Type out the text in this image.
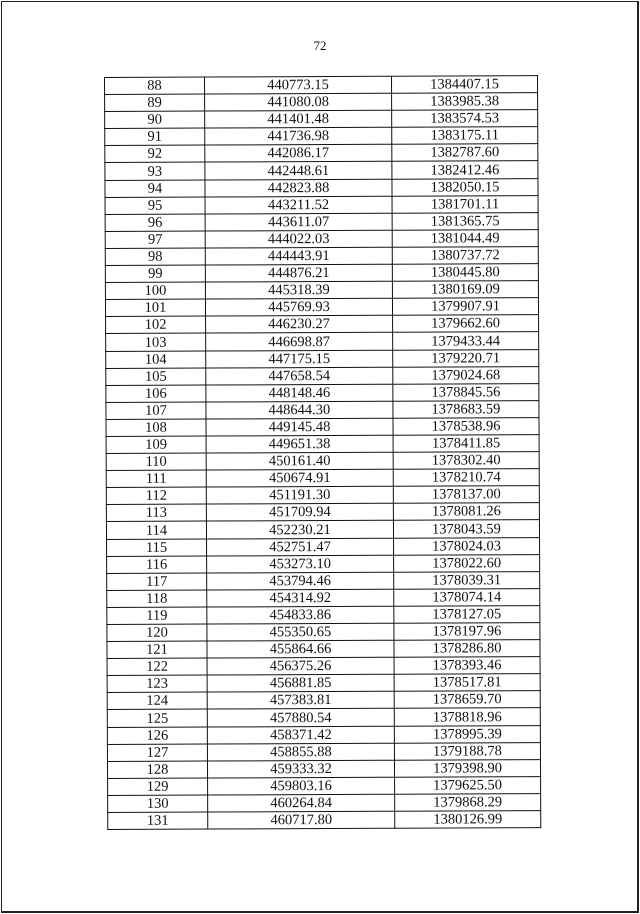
72
88	440773.15	1384407.15
89	441080.08	1383985.38
90	441401.48	1383574.53
91	441736.98	1383175.11
92	442086.17	1382787.60
93	442448.61	1382412.46
94	442823.88	1382050.15
95	443211.52	1381701.11
96	443611.07	1381365.75
97	444022.03	1381044.49
98	444443.91	1380737.72
99	444876.21	1380445.80
100	445318.39	1380169.09
101	445769.93	1379907.91
102	446230.27	1379662.60
103	446698.87	1379433.44
104	447175.15	1379220.71
105	447658.54	1379024.68
106	448148.46	1378845.56
107	448644.30	1378683.59
108	449145.48	1378538.96
109	449651.38	1378411.85
110	450161.40	1378302.40
111	450674.91	1378210.74
112	451191.30	1378137.00
113	451709.94	1378081.26
114	452230.21	1378043.59
115	452751.47	1378024.03
116	453273.10	1378022.60
117	453794.46	1378039.31
118	454314.92	1378074.14
119	454833.86	1378127.05
120	455350.65	1378197.96
121	455864.66	1378286.80
122	456375.26	1378393.46
123	456881.85	1378517.81
124	457383.81	1378659.70
125	457880.54	1378818.96
126	458371.42	1378995.39
127	458855.88	1379188.78
128	459333.32	1379398.90
129	459803.16	1379625.50
130	460264.84	1379868.29
131	460717.80	1380126.99
